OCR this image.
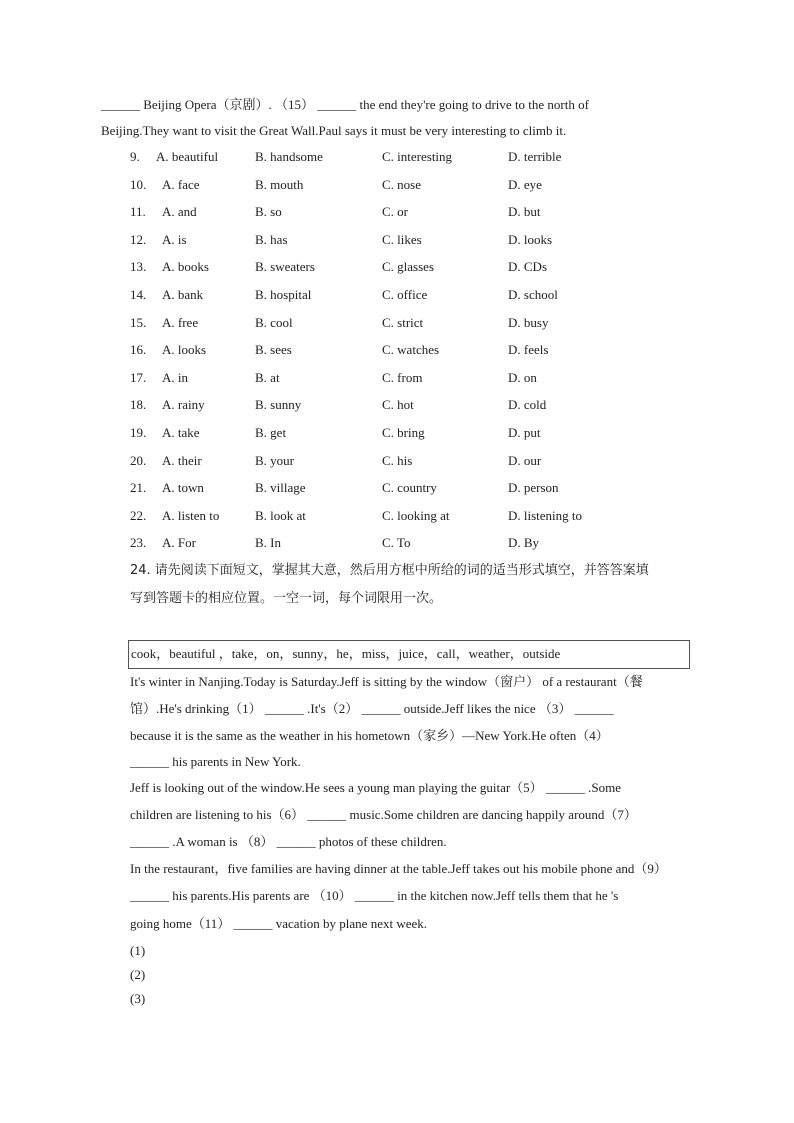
______ Beijing Opera（京剧）. （15） ______ the end they're going to drive to the north of
Beijing.They want to visit the Great Wall.Paul says it must be very interesting to climb it.
9. A. beautiful	B. handsome	C. interesting	D. terrible
10. A. face	B. mouth	C. nose	D. eye
11. A. and	B. so	C. or	D. but
12. A. is	B. has	C. likes	D. looks
13. A. books	B. sweaters	C. glasses	D. CDs
14. A. bank	B. hospital	C. office	D. school
15. A. free	B. cool	C. strict	D. busy
16. A. looks	B. sees	C. watches	D. feels
17. A. in	B. at	C. from	D. on
18. A. rainy	B. sunny	C. hot	D. cold
19. A. take	B. get	C. bring	D. put
20. A. their	B. your	C. his	D. our
21. A. town	B. village	C. country	D. person
22. A. listen to	B. look at	C. looking at	D. listening to
23. A. For	B. In	C. To	D. By
24. 请先阅读下面短文，掌握其大意，然后用方框中所给的词的适当形式填空，并答答案填
写到答题卡的相应位置。一空一词，每个词限用一次。
cook，beautiful ，take，on，sunny，he，miss，juice，call，weather，outside
It's winter in Nanjing.Today is Saturday.Jeff is sitting by the window（窗户） of a restaurant（餐
馆）.He's drinking（1） ______ .It's（2） ______ outside.Jeff likes the nice （3） ______
because it is the same as the weather in his hometown（家乡）—New York.He often（4）
______ his parents in New York.
Jeff is looking out of the window.He sees a young man playing the guitar（5） ______ .Some
children are listening to his（6） ______ music.Some children are dancing happily around（7）
______ .A woman is （8） ______ photos of these children.
In the restaurant，five families are having dinner at the table.Jeff takes out his mobile phone and（9）
______ his parents.His parents are （10） ______ in the kitchen now.Jeff tells them that he 's
going home（11） ______ vacation by plane next week.
(1)
(2)
(3)
